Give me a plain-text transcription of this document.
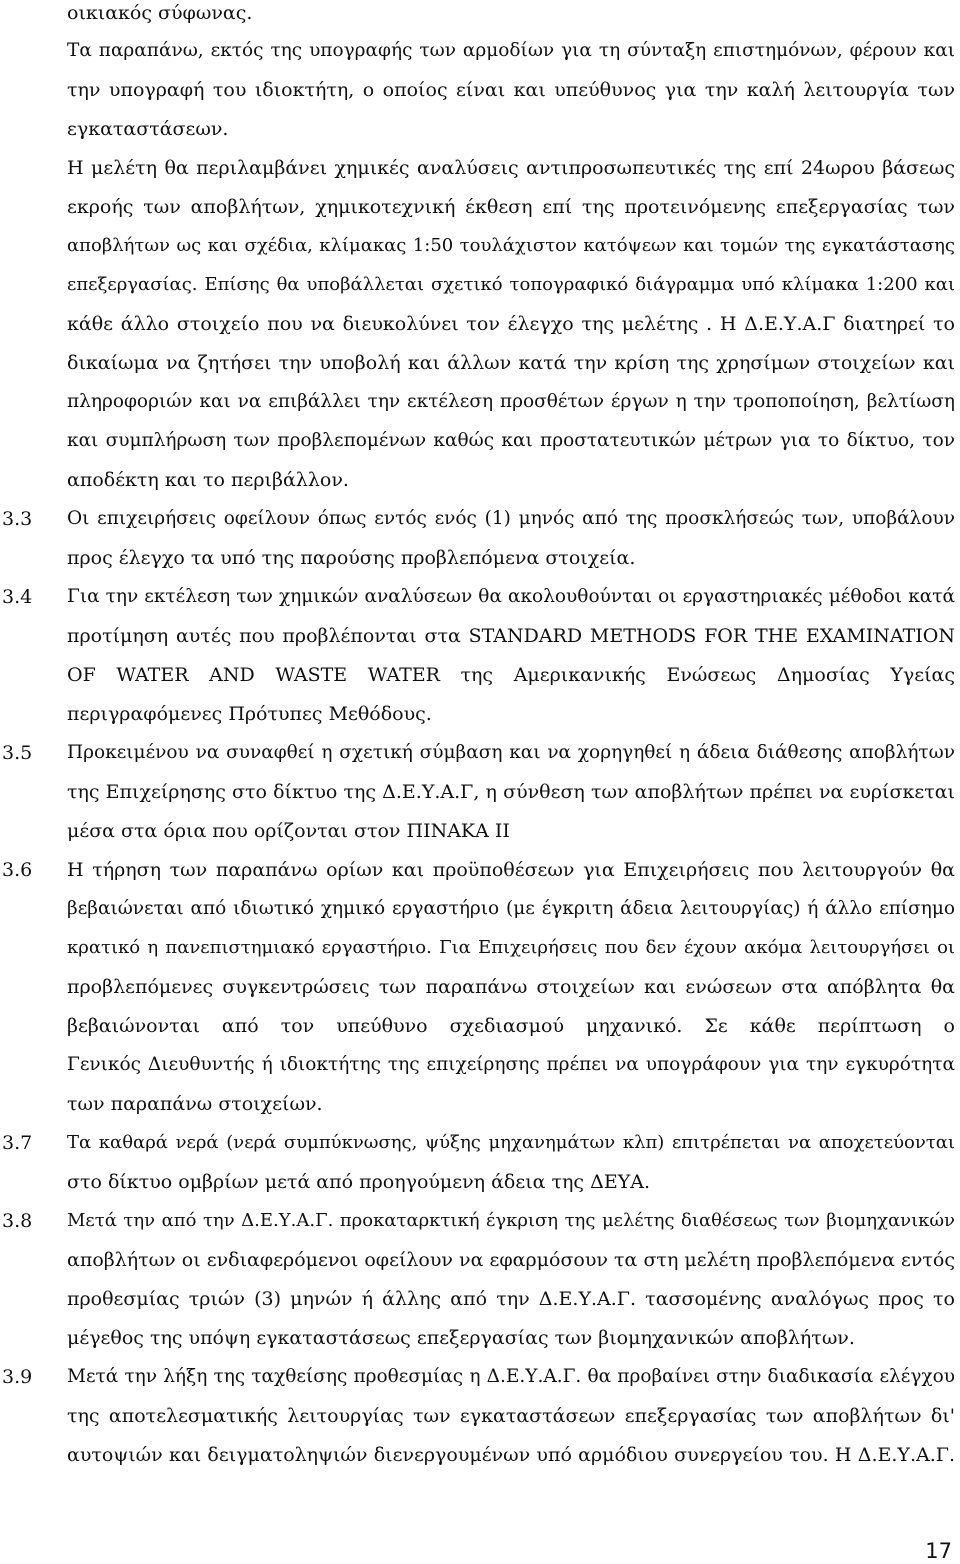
οικιακός σύφωνας.
Τα παραπάνω, εκτός της υπογραφής των αρμοδίων για τη σύνταξη επιστημόνων, φέρουν και
την υπογραφή του ιδιοκτήτη, ο οποίος είναι και υπεύθυνος για την καλή λειτουργία των
εγκαταστάσεων.
Η μελέτη θα περιλαμβάνει χημικές αναλύσεις αντιπροσωπευτικές της επί 24ωρου βάσεως
εκροής των αποβλήτων, χημικοτεχνική έκθεση επί της προτεινόμενης επεξεργασίας των
αποβλήτων ως και σχέδια, κλίμακας 1:50 τουλάχιστον κατόψεων και τομών της εγκατάστασης
επεξεργασίας. Επίσης θα υποβάλλεται σχετικό τοπογραφικό διάγραμμα υπό κλίμακα 1:200 και
κάθε άλλο στοιχείο που να διευκολύνει τον έλεγχο της μελέτης . Η Δ.Ε.Υ.Α.Γ διατηρεί το
δικαίωμα να ζητήσει την υποβολή και άλλων κατά την κρίση της χρησίμων στοιχείων και
πληροφοριών και να επιβάλλει την εκτέλεση προσθέτων έργων η την τροποποίηση, βελτίωση
και συμπλήρωση των προβλεπομένων καθώς και προστατευτικών μέτρων για το δίκτυο, τον
αποδέκτη και το περιβάλλον.
3.3	Οι επιχειρήσεις οφείλουν όπως εντός ενός (1) μηνός από της προσκλήσεώς των, υποβάλουν
προς έλεγχο τα υπό της παρούσης προβλεπόμενα στοιχεία.
3.4	Για την εκτέλεση των χημικών αναλύσεων θα ακολουθούνται οι εργαστηριακές μέθοδοι κατά
προτίμηση αυτές που προβλέπονται στα STANDARD METHODS FOR THE EXAMINATION
OF WATER AND WASTE WATER της Αμερικανικής Ενώσεως Δημοσίας Υγείας
περιγραφόμενες Πρότυπες Μεθόδους.
3.5	Προκειμένου να συναφθεί η σχετική σύμβαση και να χορηγηθεί η άδεια διάθεσης αποβλήτων
της Επιχείρησης στο δίκτυο της Δ.Ε.Υ.Α.Γ, η σύνθεση των αποβλήτων πρέπει να ευρίσκεται
μέσα στα όρια που ορίζονται στον ΠΙΝΑΚΑ ΙΙ
3.6	Η τήρηση των παραπάνω ορίων και προϋποθέσεων για Επιχειρήσεις που λειτουργούν θα
βεβαιώνεται από ιδιωτικό χημικό εργαστήριο (με έγκριτη άδεια λειτουργίας) ή άλλο επίσημο
κρατικό η πανεπιστημιακό εργαστήριο. Για Επιχειρήσεις που δεν έχουν ακόμα λειτουργήσει οι
προβλεπόμενες συγκεντρώσεις των παραπάνω στοιχείων και ενώσεων στα απόβλητα θα
βεβαιώνονται από τον υπεύθυνο σχεδιασμού μηχανικό. Σε κάθε περίπτωση ο
Γενικός Διευθυντής ή ιδιοκτήτης της επιχείρησης πρέπει να υπογράφουν για την εγκυρότητα
των παραπάνω στοιχείων.
3.7	Τα καθαρά νερά (νερά συμπύκνωσης, ψύξης μηχανημάτων κλπ) επιτρέπεται να αποχετεύονται
στο δίκτυο ομβρίων μετά από προηγούμενη άδεια της ΔΕΥΑ.
3.8	Μετά την από την Δ.Ε.Υ.Α.Γ. προκαταρκτική έγκριση της μελέτης διαθέσεως των βιομηχανικών
αποβλήτων οι ενδιαφερόμενοι οφείλουν να εφαρμόσουν τα στη μελέτη προβλεπόμενα εντός
προθεσμίας τριών (3) μηνών ή άλλης από την Δ.Ε.Υ.Α.Γ. τασσομένης αναλόγως προς το
μέγεθος της υπόψη εγκαταστάσεως επεξεργασίας των βιομηχανικών αποβλήτων.
3.9	Μετά την λήξη της ταχθείσης προθεσμίας η Δ.Ε.Υ.Α.Γ. θα προβαίνει στην διαδικασία ελέγχου
της αποτελεσματικής λειτουργίας των εγκαταστάσεων επεξεργασίας των αποβλήτων δι'
αυτοψιών και δειγματοληψιών διενεργουμένων υπό αρμόδιου συνεργείου του. Η Δ.Ε.Υ.Α.Γ.
17
